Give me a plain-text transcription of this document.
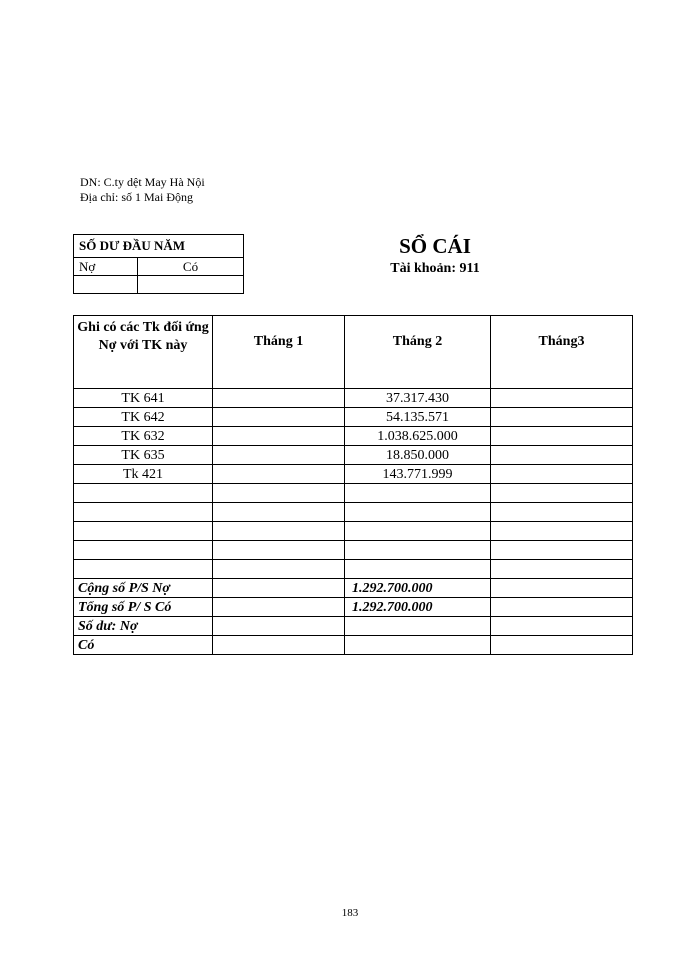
DN: C.ty dệt May Hà Nội
Địa chỉ: số 1 Mai Động
SỐ DƯ ĐẦU NĂM	
Nợ	Có

SỔ CÁI
Tài khoản: 911
Ghi có các Tk đối ứng Nợ với TK này	Tháng 1	Tháng 2	Tháng3
TK 641		37.317.430	
TK 642		54.135.571	
TK 632		1.038.625.000	
TK 635		18.850.000	
Tk 421		143.771.999	

Cộng số P/S Nợ		1.292.700.000	
Tổng số P/ S Có		1.292.700.000	
Số dư: Nợ			
Có			
183
